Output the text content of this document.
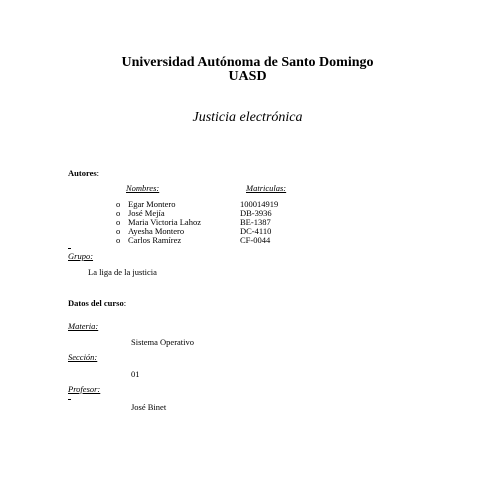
Universidad Autónoma de Santo Domingo
UASD
Justicia electrónica
Autores:
Nombres:	Matriculas:
o Egar Montero	100014919
o José Mejía	DB-3936
o Maria Victoria Lahoz	BE-1387
o Ayesha Montero	DC-4110
o Carlos Ramírez	CF-0044
Grupo:
La liga de la justicia
Datos del curso:
Materia:
Sistema Operativo
Sección:
01
Profesor:
José Binet
